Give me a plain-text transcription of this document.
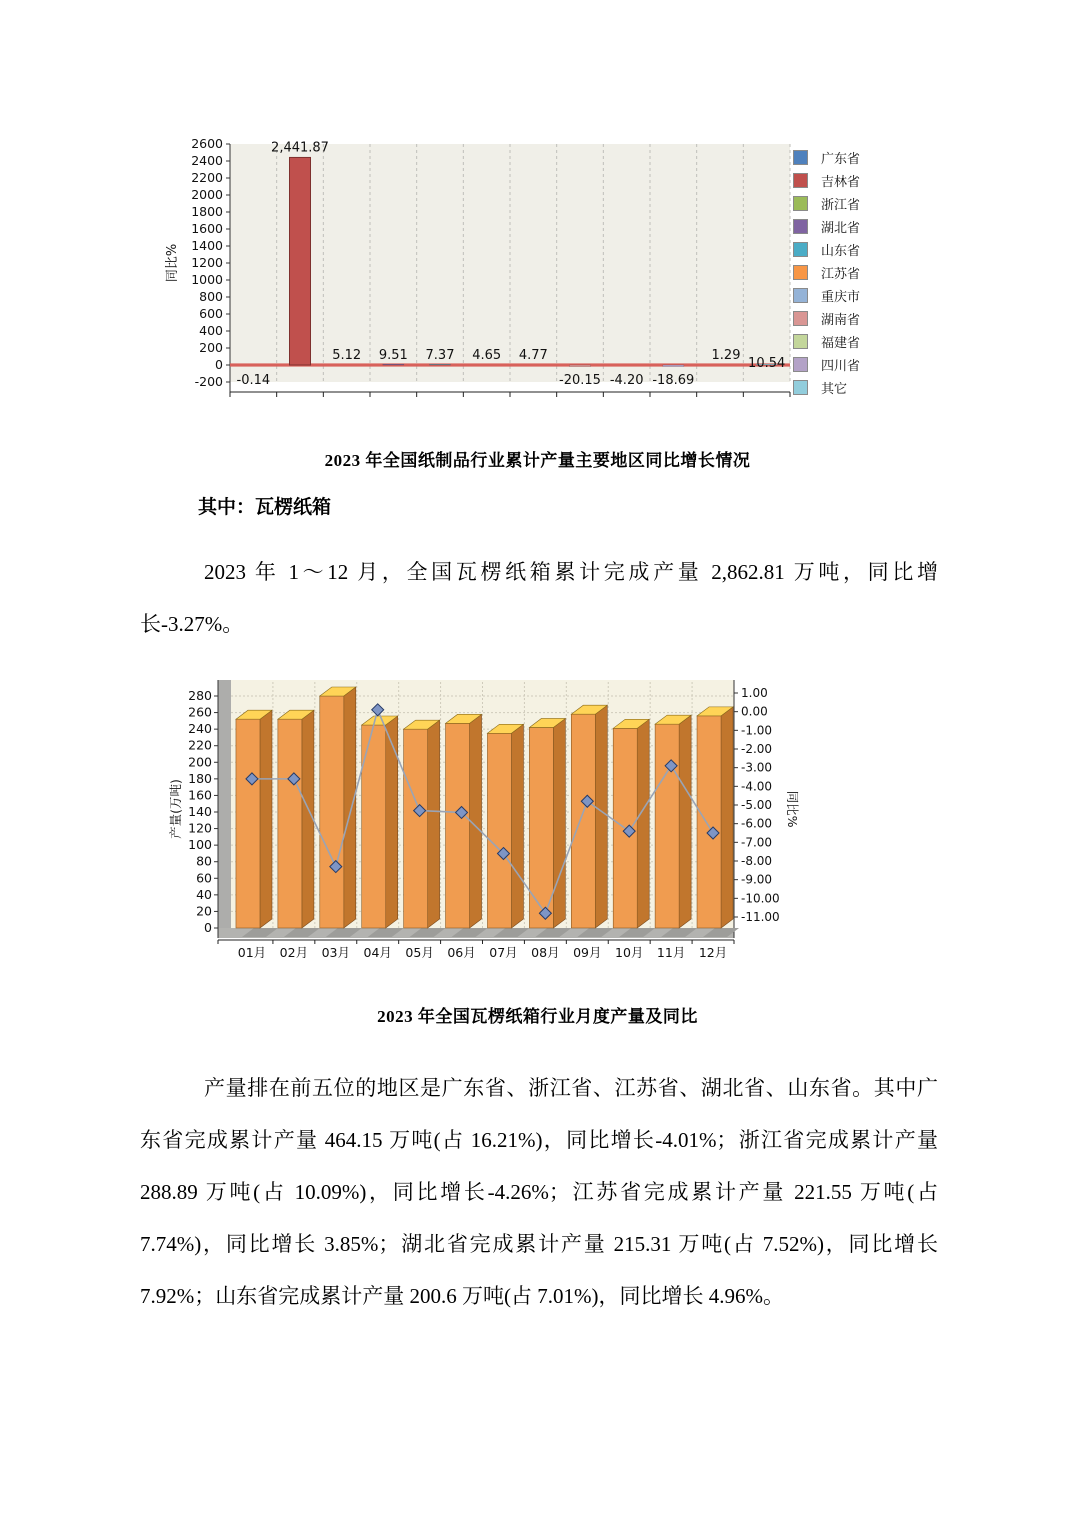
2600
2400
2200
2000
1800
1600
1400
1200
1000
800
600
400
200
0
-200 -0.14
2,441.87
5.12 9.51 7.37 4.65 4.77
-20.15 -4.20 -18.69
1.29
10.54
同比%
广东省
吉林省
浙江省
湖北省
山东省
江苏省
重庆市
湖南省
福建省
四川省
其它
2023 年全国纸制品行业累计产量主要地区同比增长情况
其中：瓦楞纸箱

2023 年 1～12 月，全国瓦楞纸箱累计完成产量 2,862.81 万吨，同比增长-3.27%。

0
20
40
60
80
100
120
140
160
180
200
220
240
260
280	1.00
0.00
-1.00
-2.00
-3.00
-4.00
-5.00
-6.00
-7.00
-8.00
-9.00
-10.00
-11.00
01月 02月 03月 04月 05月 06月 07月 08月 09月 10月 11月 12月
产量(万吨)	同比%
2023 年全国瓦楞纸箱行业月度产量及同比

产量排在前五位的地区是广东省、浙江省、江苏省、湖北省、山东省。其中广东省完成累计产量 464.15 万吨(占 16.21%)，同比增长-4.01%；浙江省完成累计产量 288.89 万吨(占 10.09%)，同比增长-4.26%；江苏省完成累计产量 221.55 万吨(占 7.74%)，同比增长 3.85%；湖北省完成累计产量 215.31 万吨(占 7.52%)，同比增长 7.92%；山东省完成累计产量 200.6 万吨(占 7.01%)，同比增长 4.96%。
